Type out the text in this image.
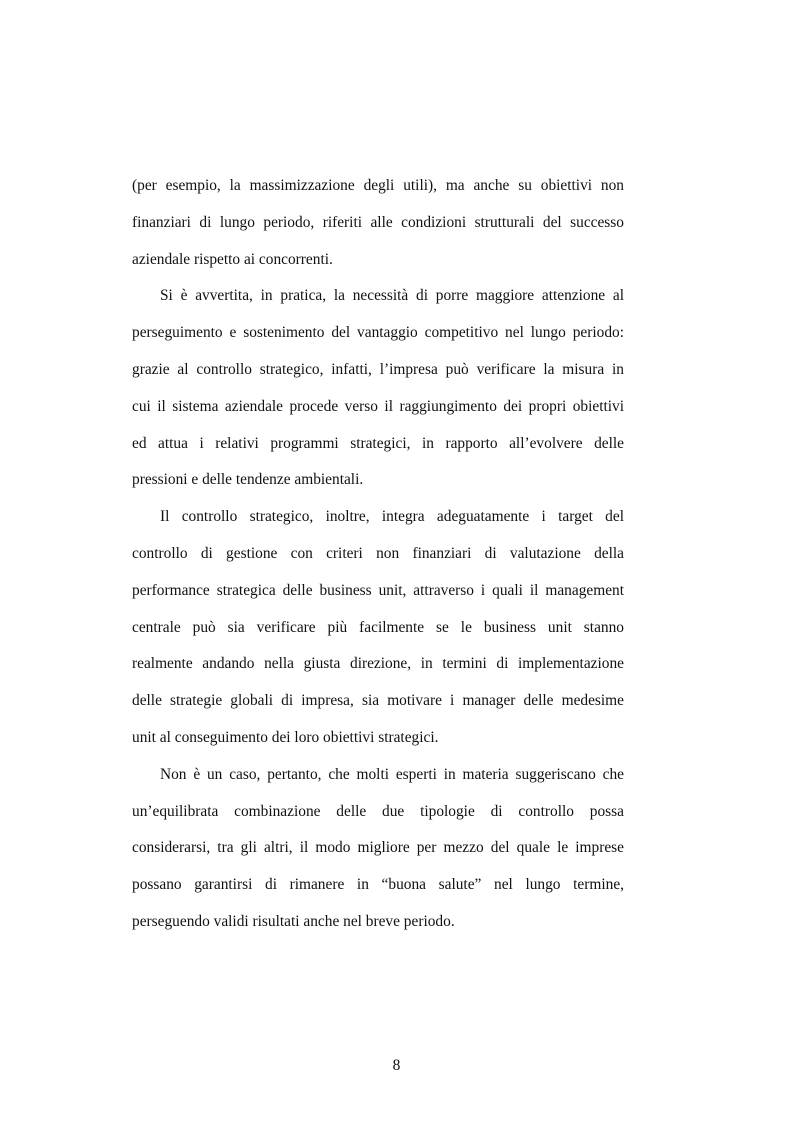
(per esempio, la massimizzazione degli utili), ma anche su obiettivi non
finanziari di lungo periodo, riferiti alle condizioni strutturali del successo
aziendale rispetto ai concorrenti.
Si è avvertita, in pratica, la necessità di porre maggiore attenzione al
perseguimento e sostenimento del vantaggio competitivo nel lungo periodo:
grazie al controllo strategico, infatti, l’impresa può verificare la misura in
cui il sistema aziendale procede verso il raggiungimento dei propri obiettivi
ed attua i relativi programmi strategici, in rapporto all’evolvere delle
pressioni e delle tendenze ambientali.
Il controllo strategico, inoltre, integra adeguatamente i target del
controllo di gestione con criteri non finanziari di valutazione della
performance strategica delle business unit, attraverso i quali il management
centrale può sia verificare più facilmente se le business unit stanno
realmente andando nella giusta direzione, in termini di implementazione
delle strategie globali di impresa, sia motivare i manager delle medesime
unit al conseguimento dei loro obiettivi strategici.
Non è un caso, pertanto, che molti esperti in materia suggeriscano che
un’equilibrata combinazione delle due tipologie di controllo possa
considerarsi, tra gli altri, il modo migliore per mezzo del quale le imprese
possano garantirsi di rimanere in “buona salute” nel lungo termine,
perseguendo validi risultati anche nel breve periodo.
8
